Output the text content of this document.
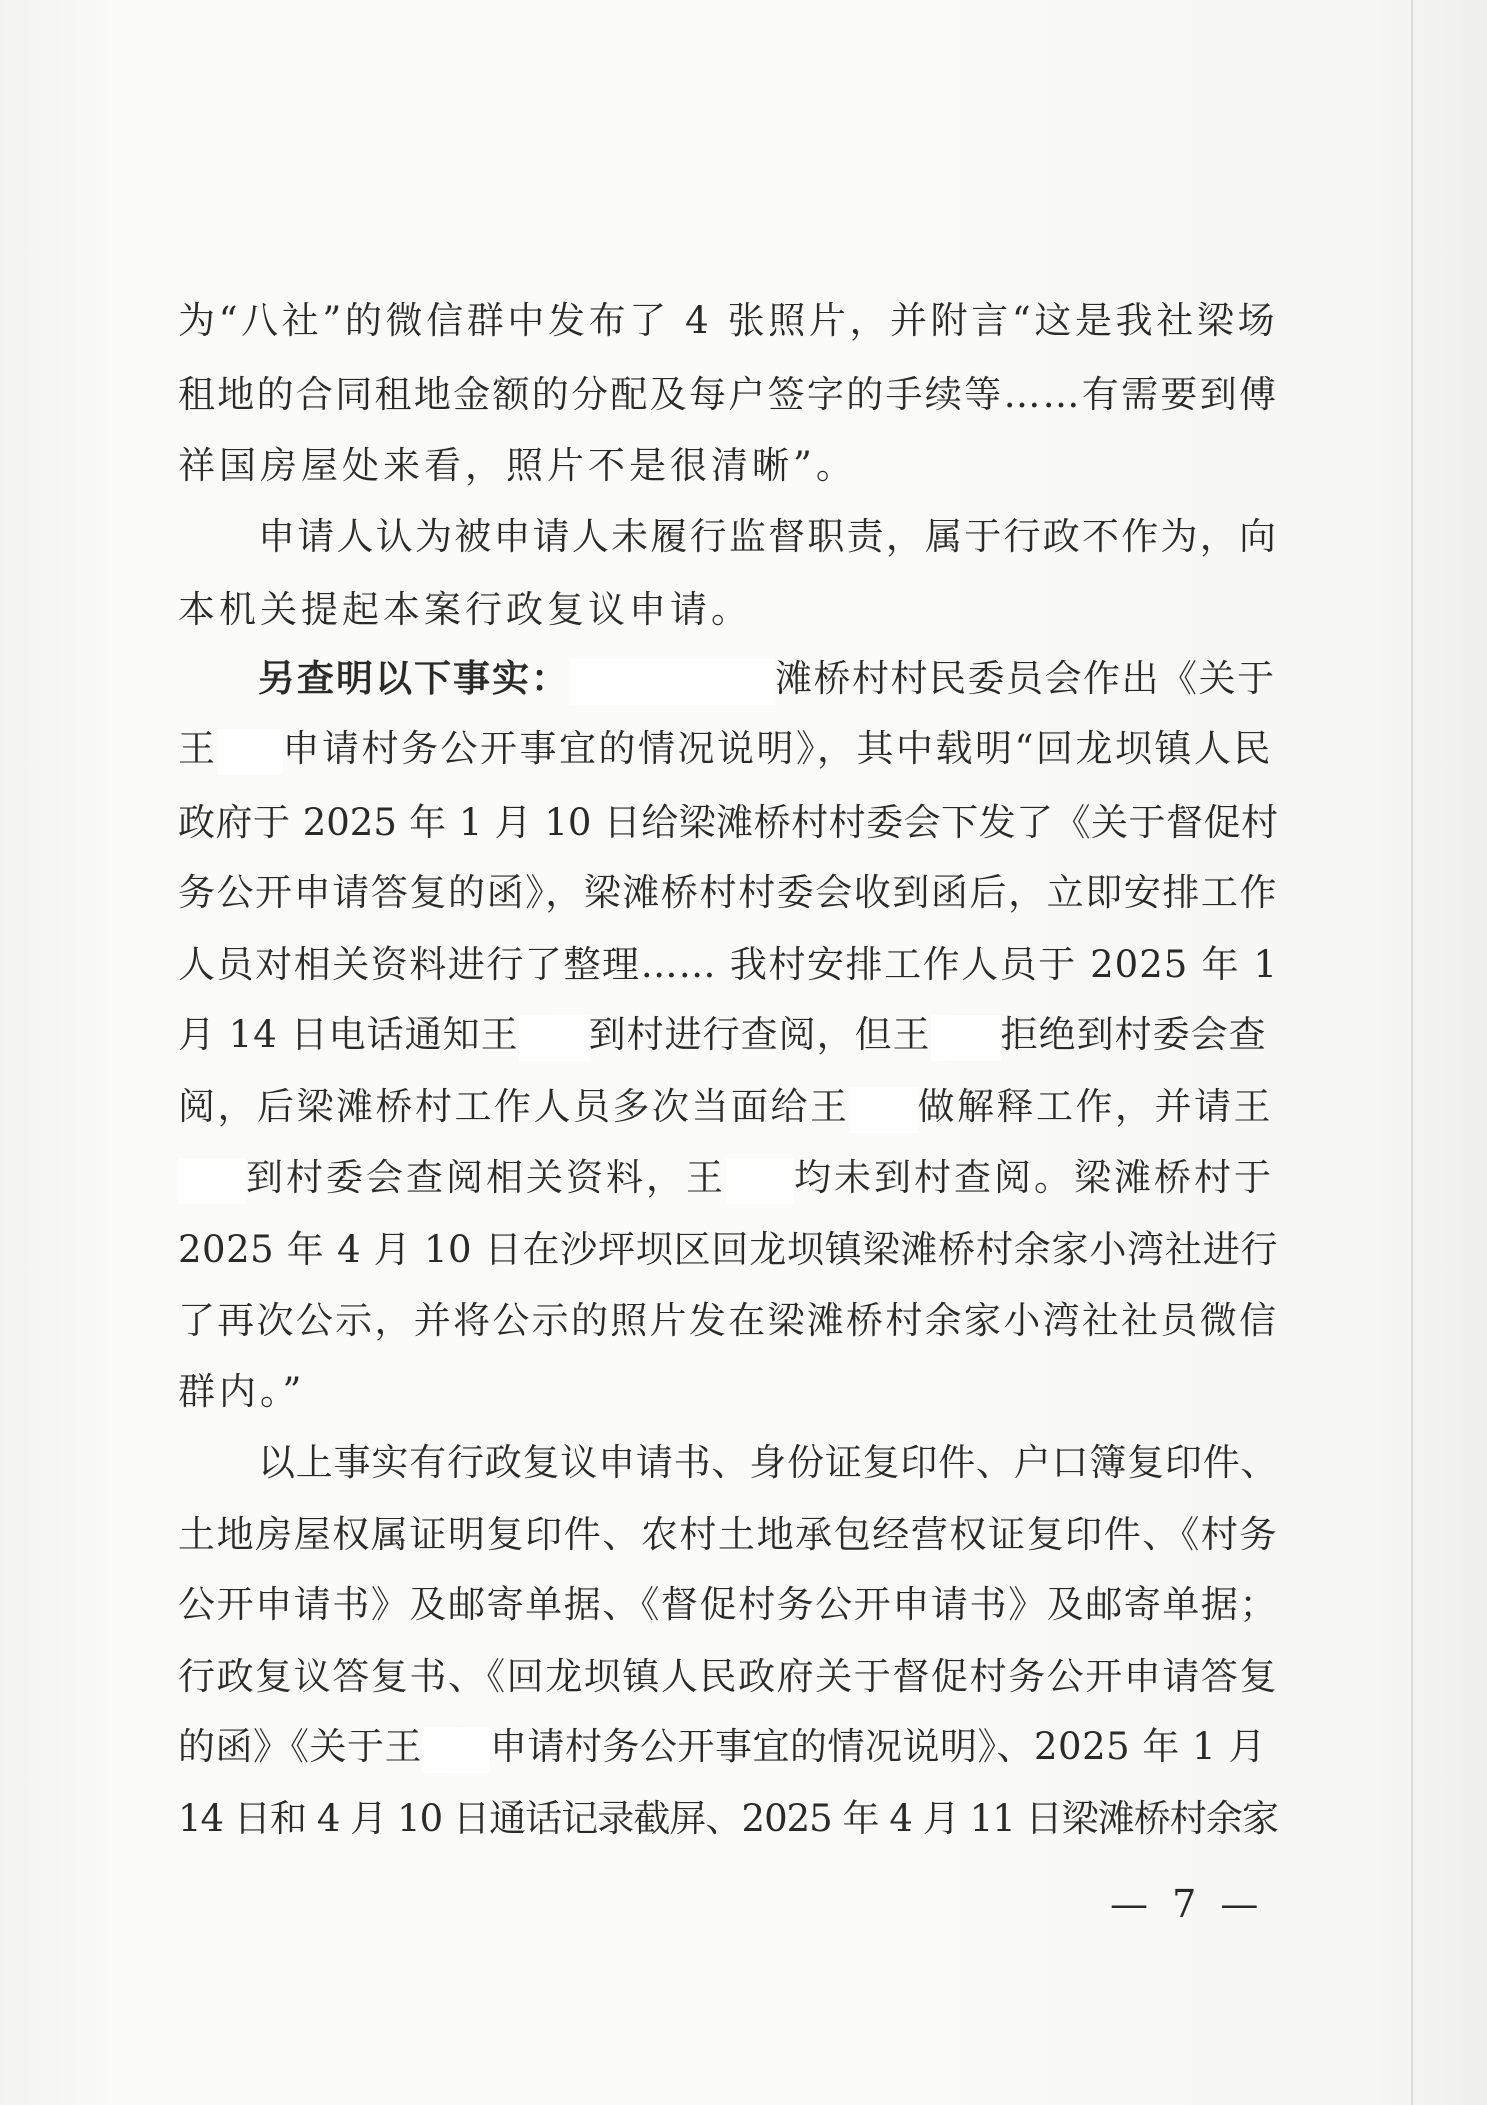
为“八社”的微信群中发布了 4 张照片，并附言“这是我社梁场
租地的合同租地金额的分配及每户签字的手续等……有需要到傅
祥国房屋处来看，照片不是很清晰”。
申请人认为被申请人未履行监督职责，属于行政不作为，向
本机关提起本案行政复议申请。
另查明以下事实：	滩桥村村民委员会作出《关于
王 申请村务公开事宜的情况说明》，其中载明“回龙坝镇人民
政府于 2025 年 1 月 10 日给梁滩桥村村委会下发了《关于督促村
务公开申请答复的函》，梁滩桥村村委会收到函后，立即安排工作
人员对相关资料进行了整理…… 我村安排工作人员于 2025 年 1
月 14 日电话通知王 到村进行查阅，但王 拒绝到村委会查
阅，后梁滩桥村工作人员多次当面给王 做解释工作，并请王
到村委会查阅相关资料，王 均未到村查阅。梁滩桥村于
2025 年 4 月 10 日在沙坪坝区回龙坝镇梁滩桥村余家小湾社进行
了再次公示，并将公示的照片发在梁滩桥村余家小湾社社员微信
群内。”
以上事实有行政复议申请书、身份证复印件、户口簿复印件、
土地房屋权属证明复印件、农村土地承包经营权证复印件、《村务
公开申请书》及邮寄单据、《督促村务公开申请书》及邮寄单据；
行政复议答复书、《回龙坝镇人民政府关于督促村务公开申请答复
的函》《关于王 申请村务公开事宜的情况说明》、2025 年 1 月
14 日和 4 月 10 日通话记录截屏、2025 年 4 月 11 日梁滩桥村余家
— 7 —
